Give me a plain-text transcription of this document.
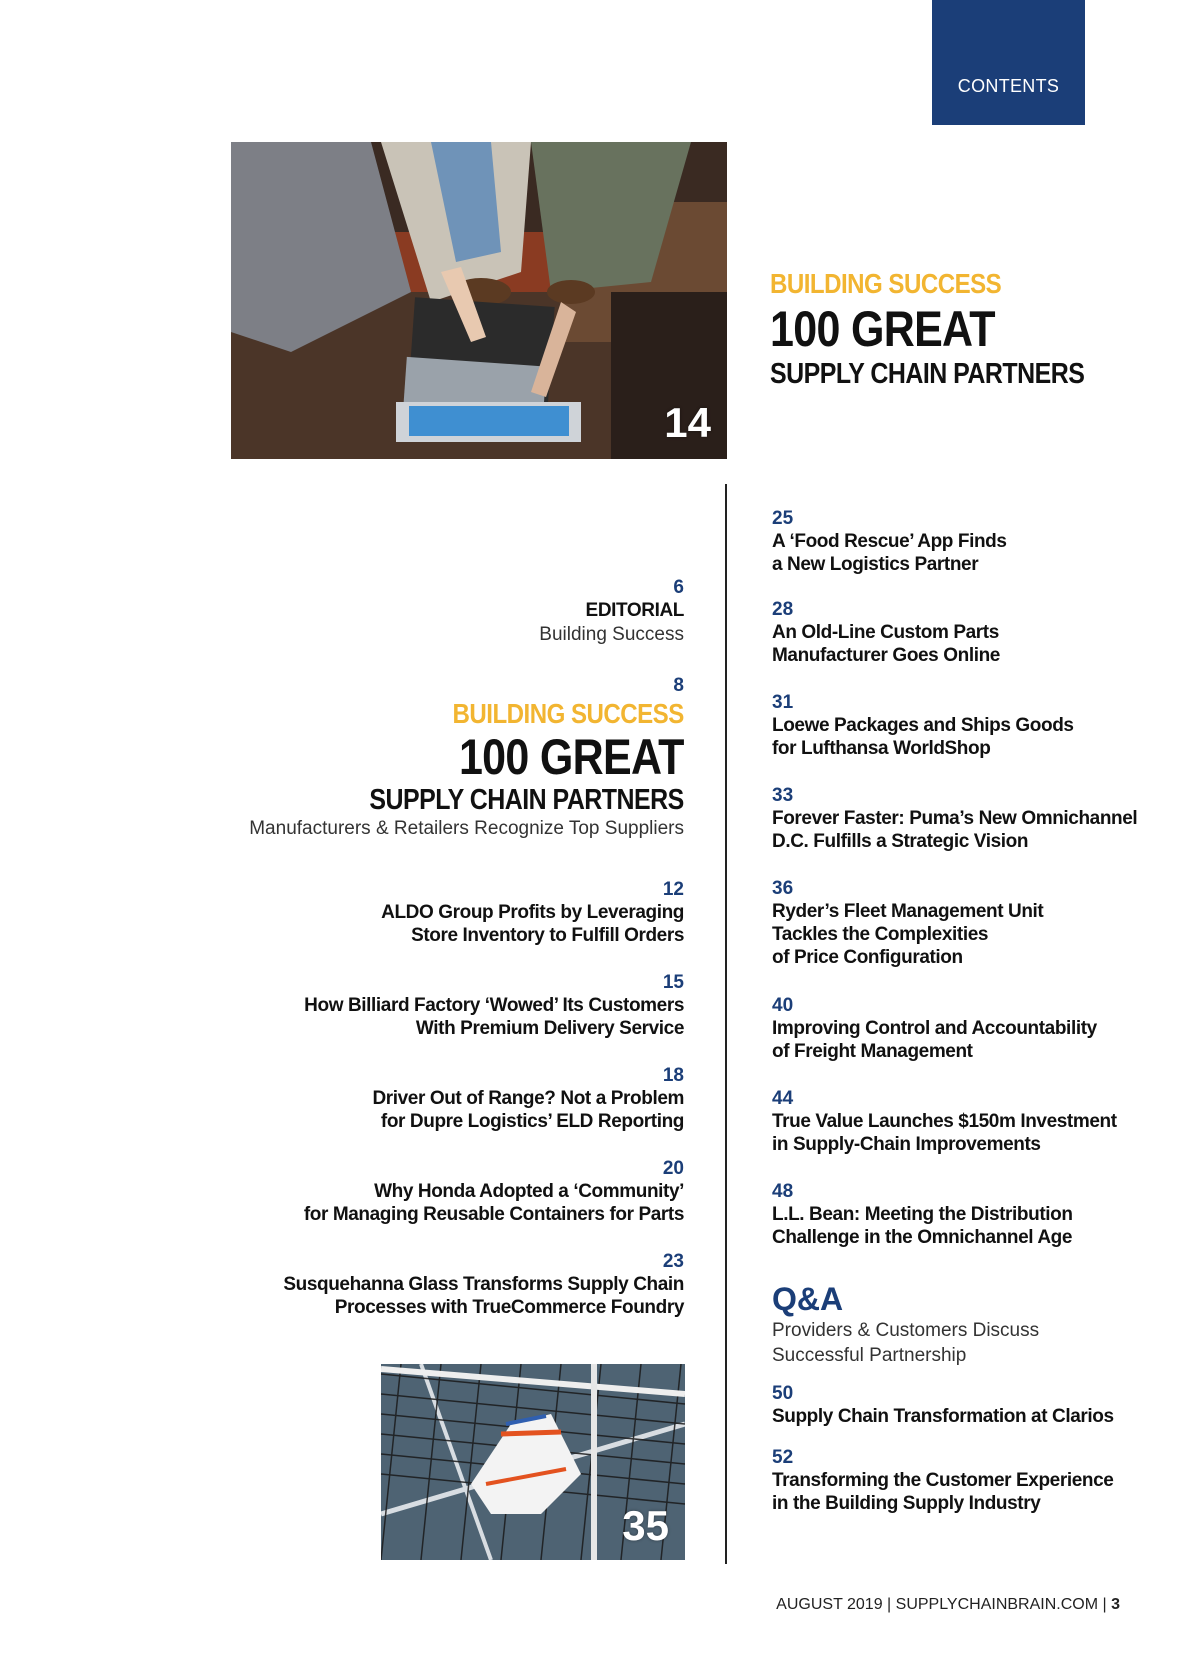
CONTENTS
14
BUILDING SUCCESS
100 GREAT
SUPPLY CHAIN PARTNERS
6
EDITORIAL
Building Success
8
BUILDING SUCCESS
100 GREAT
SUPPLY CHAIN PARTNERS
Manufacturers & Retailers Recognize Top Suppliers
12
ALDO Group Profits by Leveraging
Store Inventory to Fulfill Orders
15
How Billiard Factory ‘Wowed’ Its Customers
With Premium Delivery Service
18
Driver Out of Range? Not a Problem
for Dupre Logistics’ ELD Reporting
20
Why Honda Adopted a ‘Community’
for Managing Reusable Containers for Parts
23
Susquehanna Glass Transforms Supply Chain
Processes with TrueCommerce Foundry
35
25
A ‘Food Rescue’ App Finds
a New Logistics Partner
28
An Old-Line Custom Parts
Manufacturer Goes Online
31
Loewe Packages and Ships Goods
for Lufthansa WorldShop
33
Forever Faster: Puma’s New Omnichannel
D.C. Fulfills a Strategic Vision
36
Ryder’s Fleet Management Unit
Tackles the Complexities
of Price Configuration
40
Improving Control and Accountability
of Freight Management
44
True Value Launches $150m Investment
in Supply-Chain Improvements
48
L.L. Bean: Meeting the Distribution
Challenge in the Omnichannel Age
Q&A
Providers & Customers Discuss
Successful Partnership
50
Supply Chain Transformation at Clarios
52
Transforming the Customer Experience
in the Building Supply Industry
AUGUST 2019 | SUPPLYCHAINBRAIN.COM | 3
